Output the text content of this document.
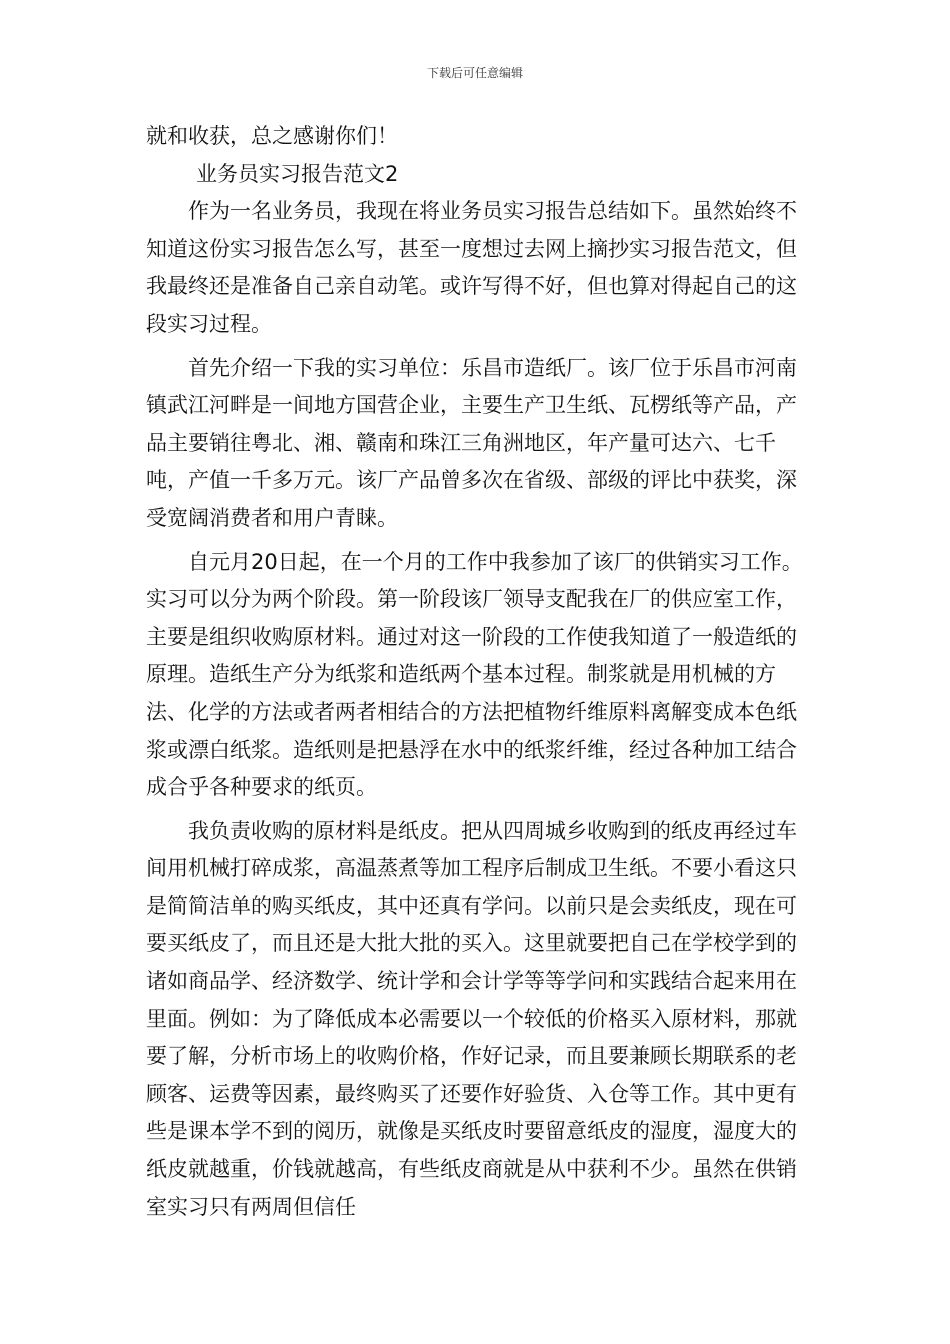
下载后可任意编辑

就和收获，总之感谢你们！

业务员实习报告范文2

作为一名业务员，我现在将业务员实习报告总结如下。虽然始终不知道这份实习报告怎么写，甚至一度想过去网上摘抄实习报告范文，但我最终还是准备自己亲自动笔。或许写得不好，但也算对得起自己的这段实习过程。

首先介绍一下我的实习单位：乐昌市造纸厂。该厂位于乐昌市河南镇武江河畔是一间地方国营企业，主要生产卫生纸、瓦楞纸等产品，产品主要销往粤北、湘、赣南和珠江三角洲地区，年产量可达六、七千吨，产值一千多万元。该厂产品曾多次在省级、部级的评比中获奖，深受宽阔消费者和用户青睐。

自元月20日起，在一个月的工作中我参加了该厂的供销实习工作。实习可以分为两个阶段。第一阶段该厂领导支配我在厂的供应室工作，主要是组织收购原材料。通过对这一阶段的工作使我知道了一般造纸的原理。造纸生产分为纸浆和造纸两个基本过程。制浆就是用机械的方法、化学的方法或者两者相结合的方法把植物纤维原料离解变成本色纸浆或漂白纸浆。造纸则是把悬浮在水中的纸浆纤维，经过各种加工结合成合乎各种要求的纸页。

我负责收购的原材料是纸皮。把从四周城乡收购到的纸皮再经过车间用机械打碎成浆，高温蒸煮等加工程序后制成卫生纸。不要小看这只是简简洁单的购买纸皮，其中还真有学问。以前只是会卖纸皮，现在可要买纸皮了，而且还是大批大批的买入。这里就要把自己在学校学到的诸如商品学、经济数学、统计学和会计学等等学问和实践结合起来用在里面。例如：为了降低成本必需要以一个较低的价格买入原材料，那就要了解，分析市场上的收购价格，作好记录，而且要兼顾长期联系的老顾客、运费等因素，最终购买了还要作好验货、入仓等工作。其中更有些是课本学不到的阅历，就像是买纸皮时要留意纸皮的湿度，湿度大的纸皮就越重，价钱就越高，有些纸皮商就是从中获利不少。虽然在供销室实习只有两周但信任
